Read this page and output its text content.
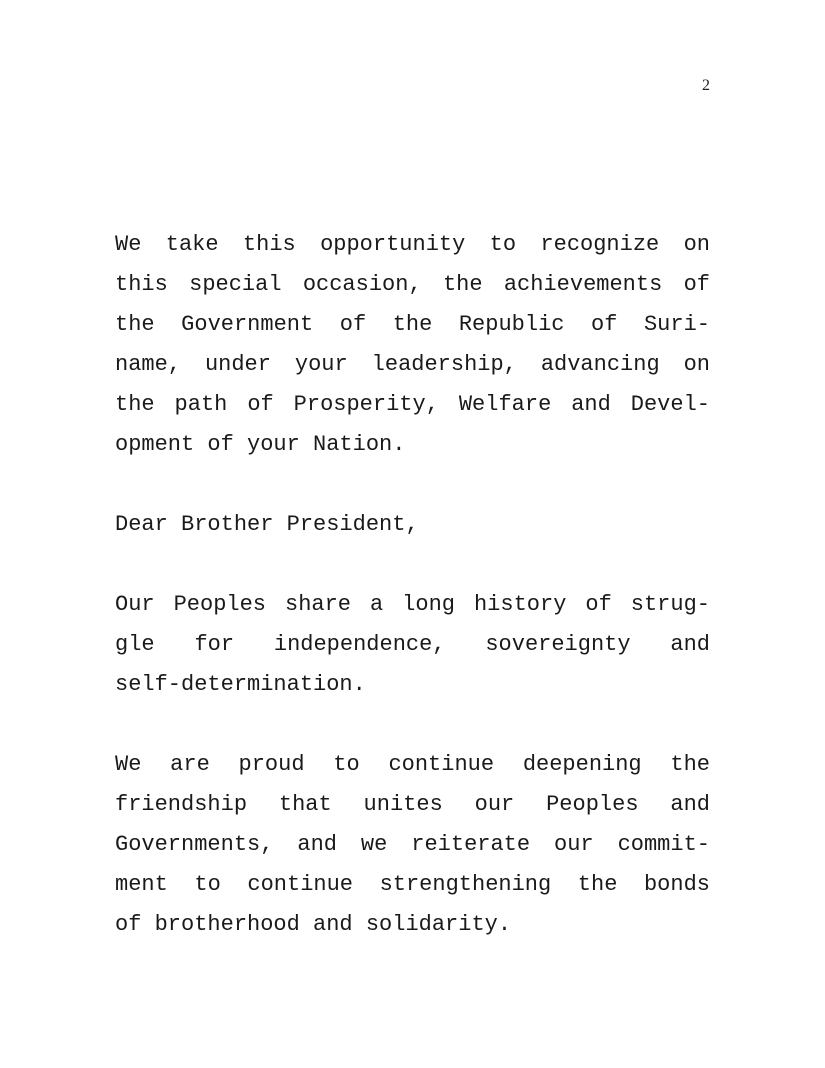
2
We take this opportunity to recognize on
this special occasion, the achievements of
the Government of the Republic of Suri-
name, under your leadership, advancing on
the path of Prosperity, Welfare and Devel-
opment of your Nation.
Dear Brother President,
Our Peoples share a long history of strug-
gle for independence, sovereignty and
self-determination.
We are proud to continue deepening the
friendship that unites our Peoples and
Governments, and we reiterate our commit-
ment to continue strengthening the bonds
of brotherhood and solidarity.
